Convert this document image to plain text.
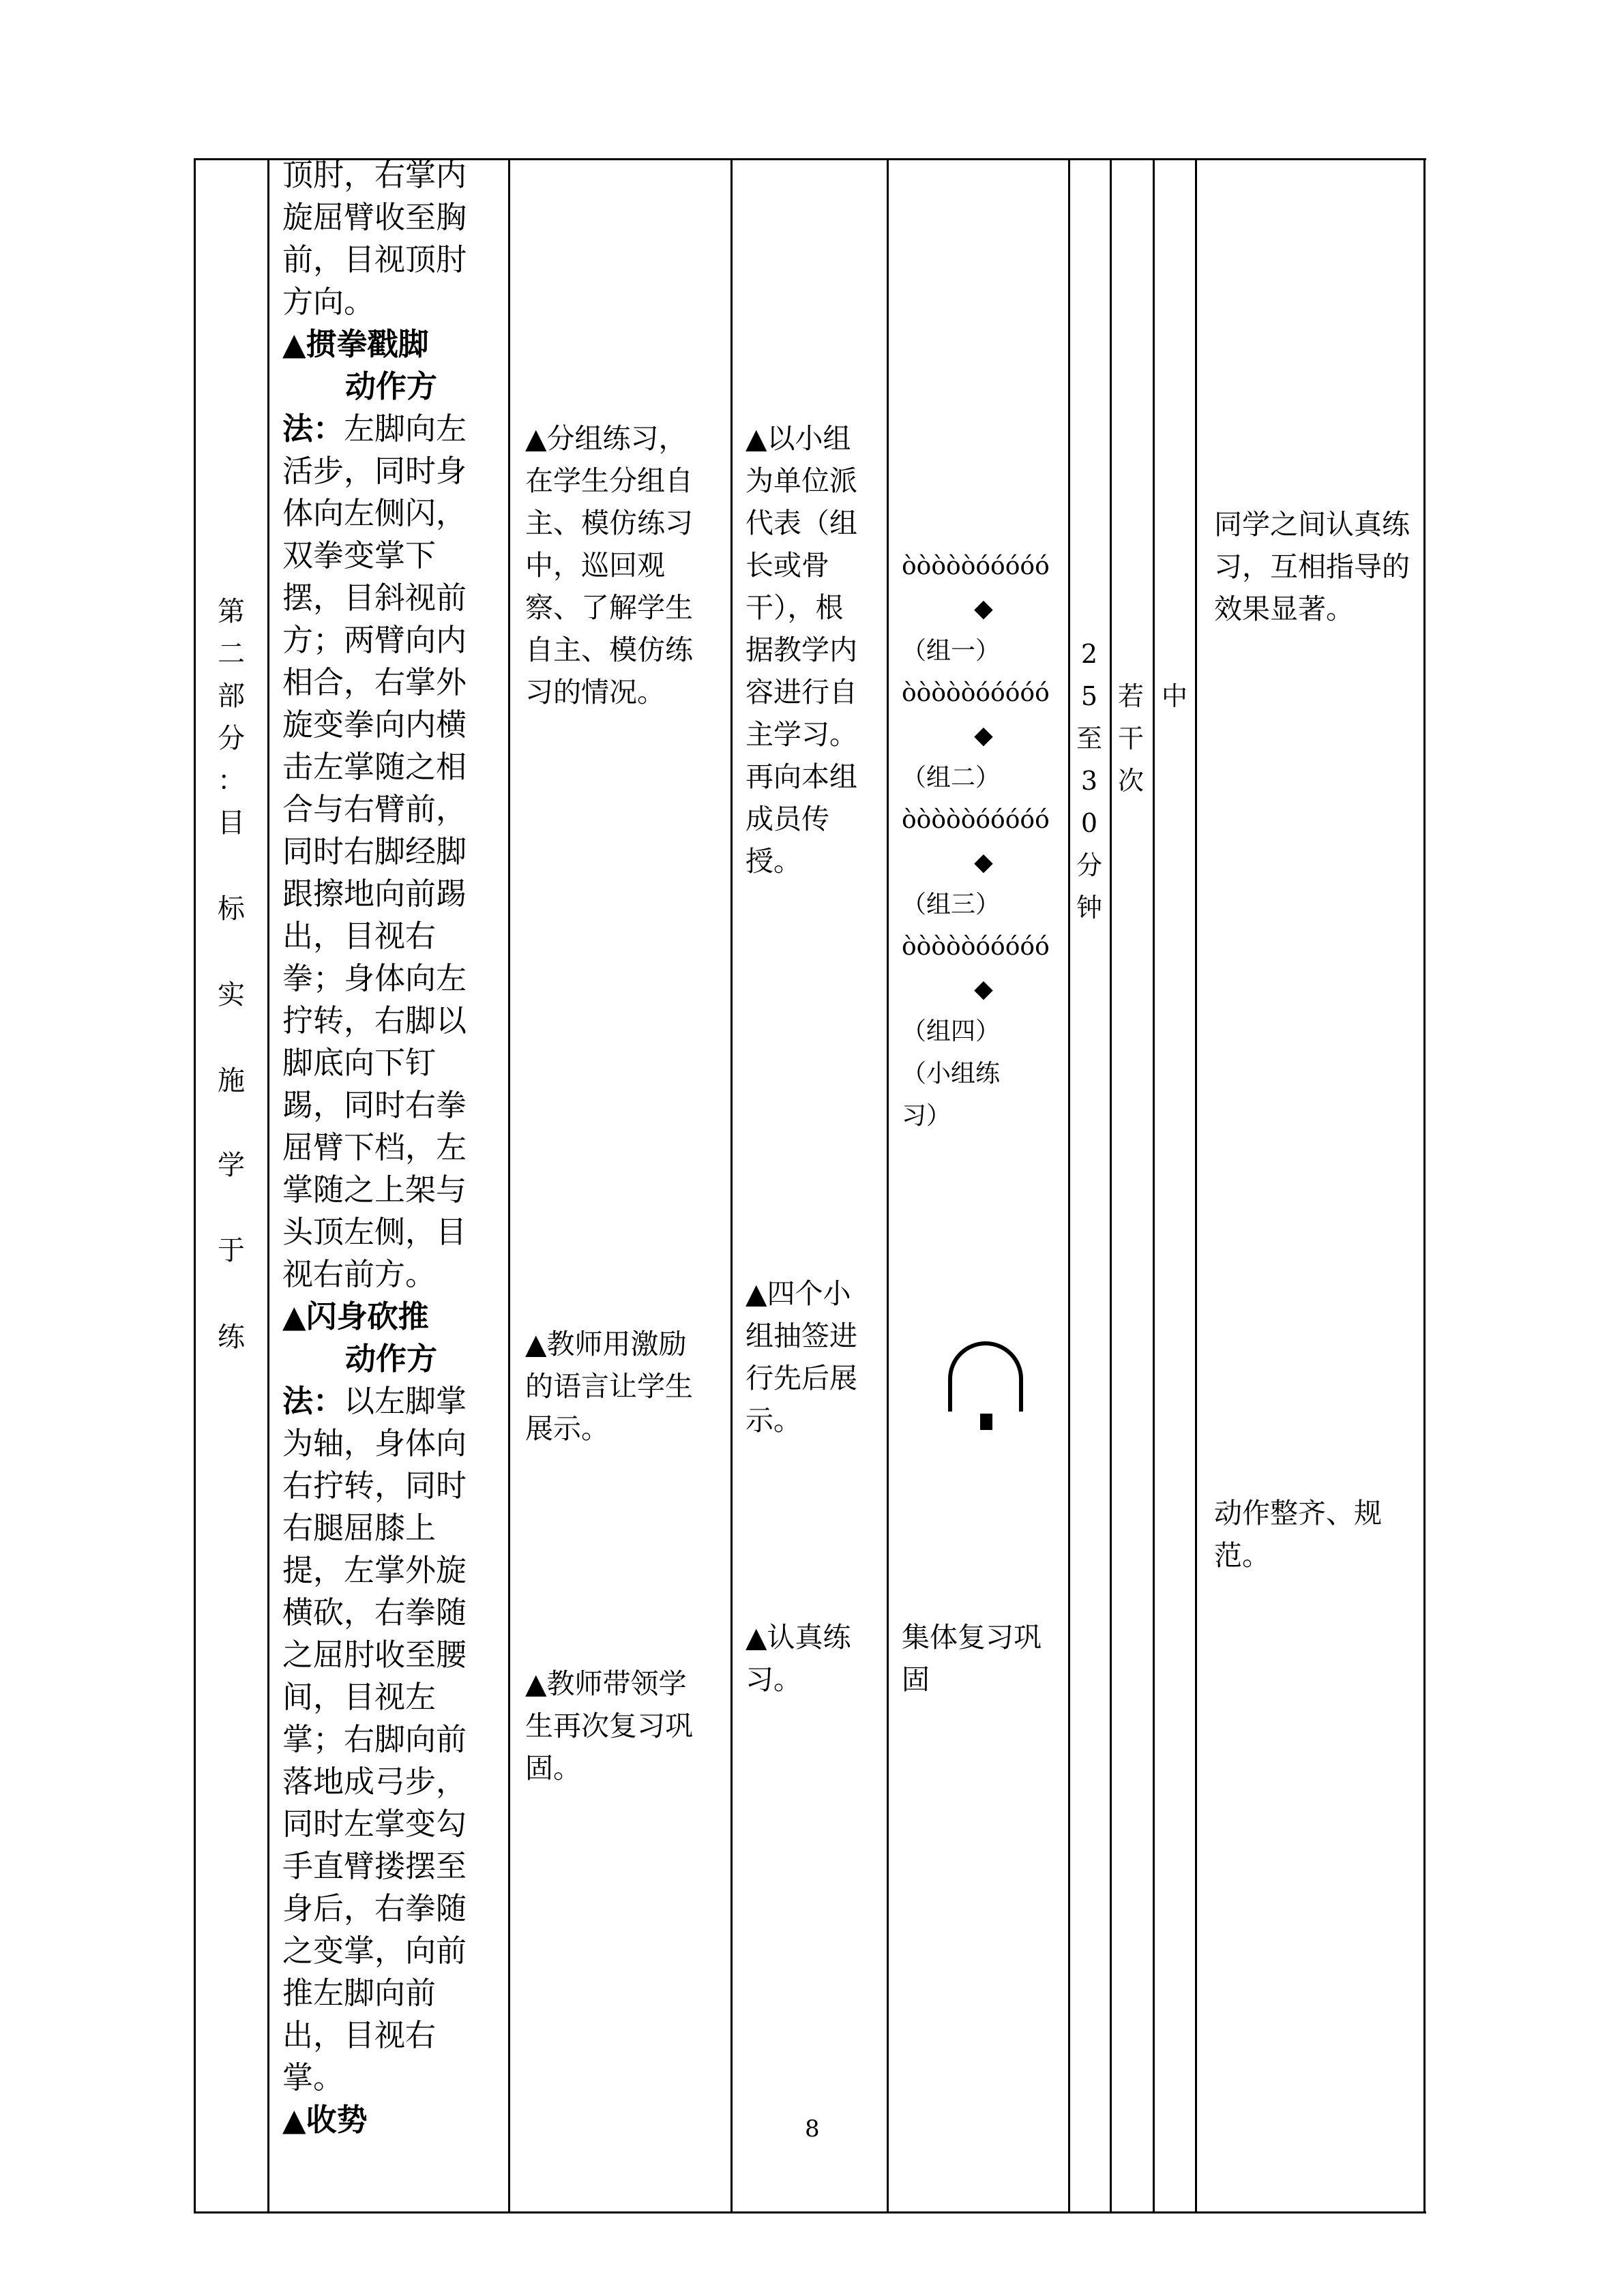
第
二
部
分
：
目
标
实
施
学
于
练

顶肘，右掌内旋屈臂收至胸前，目视顶肘方向。

▲掼拳戳脚

动作方

法：左脚向左活步，同时身体向左侧闪，双拳变掌下摆，目斜视前方；两臂向内相合，右掌外旋变拳向内横击左掌随之相合与右臂前，同时右脚经脚跟擦地向前踢出，目视右拳；身体向左拧转，右脚以脚底向下钉踢，同时右拳屈臂下档，左掌随之上架与头顶左侧，目视右前方。

▲闪身砍推

动作方

法：以左脚掌为轴，身体向右拧转，同时右腿屈膝上提，左掌外旋横砍，右拳随之屈肘收至腰间，目视左掌；右脚向前落地成弓步，同时左掌变勾手直臂搂摆至身后，右拳随之变掌，向前推左脚向前出，目视右掌。

▲收势

▲分组练习，在学生分组自主、模仿练习中，巡回观察、了解学生自主、模仿练习的情况。
▲教师用激励的语言让学生展示。
▲教师带领学生再次复习巩固。
▲以小组为单位派代表（组长或骨干），根据教学内容进行自主学习。再向本组成员传授。
▲四个小组抽签进行先后展示。
▲认真练习。
òòòòòóóóóó
◆
（组一）
òòòòòóóóóó
◆
（组二）
òòòòòóóóóó
◆
（组三）
òòòòòóóóóó
◆
（组四）
（小组练习）
集体复习巩固
2
5
至
3
0
分
钟
若
干
次
中
同学之间认真练习，互相指导的效果显著。
动作整齐、规范。
8
